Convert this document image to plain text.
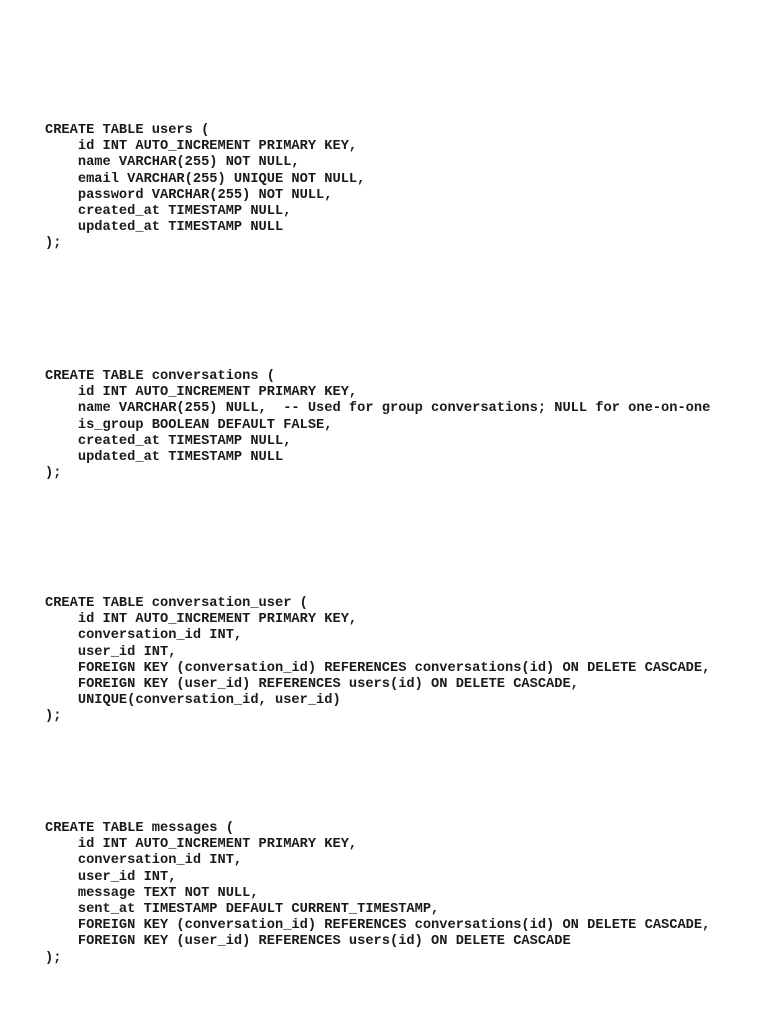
CREATE TABLE users (
id INT AUTO_INCREMENT PRIMARY KEY,
name VARCHAR(255) NOT NULL,
email VARCHAR(255) UNIQUE NOT NULL,
password VARCHAR(255) NOT NULL,
created_at TIMESTAMP NULL,
updated_at TIMESTAMP NULL
);
CREATE TABLE conversations (
id INT AUTO_INCREMENT PRIMARY KEY,
name VARCHAR(255) NULL,  -- Used for group conversations; NULL for one-on-one
is_group BOOLEAN DEFAULT FALSE,
created_at TIMESTAMP NULL,
updated_at TIMESTAMP NULL
);
CREATE TABLE conversation_user (
id INT AUTO_INCREMENT PRIMARY KEY,
conversation_id INT,
user_id INT,
FOREIGN KEY (conversation_id) REFERENCES conversations(id) ON DELETE CASCADE,
FOREIGN KEY (user_id) REFERENCES users(id) ON DELETE CASCADE,
UNIQUE(conversation_id, user_id)
);
CREATE TABLE messages (
id INT AUTO_INCREMENT PRIMARY KEY,
conversation_id INT,
user_id INT,
message TEXT NOT NULL,
sent_at TIMESTAMP DEFAULT CURRENT_TIMESTAMP,
FOREIGN KEY (conversation_id) REFERENCES conversations(id) ON DELETE CASCADE,
FOREIGN KEY (user_id) REFERENCES users(id) ON DELETE CASCADE
);
